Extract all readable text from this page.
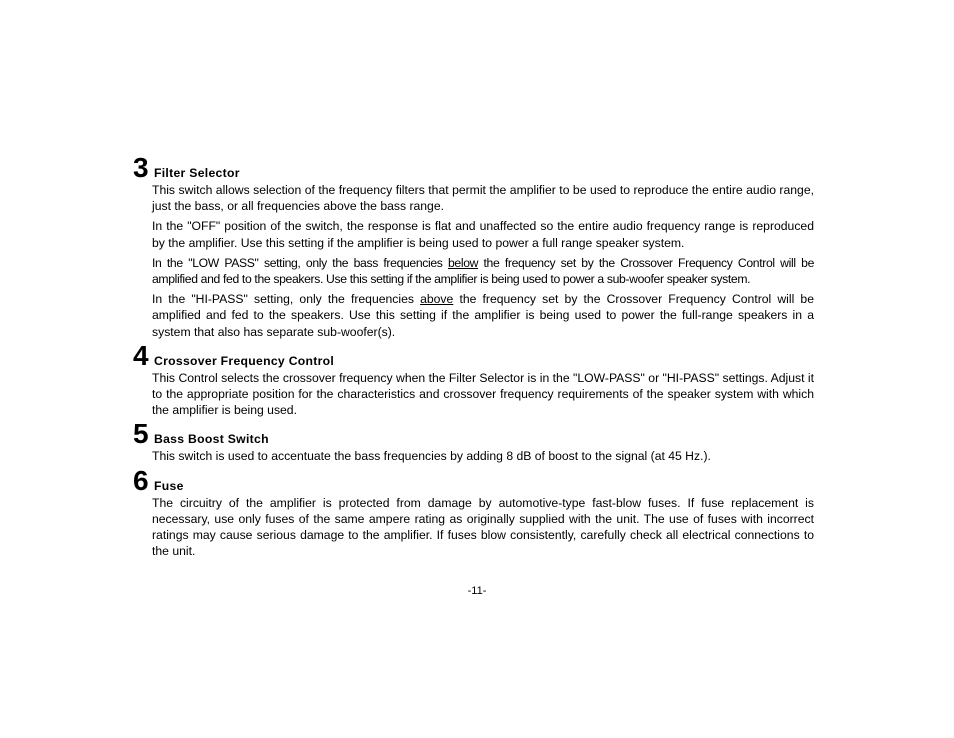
3 Filter Selector

This switch allows selection of the frequency filters that permit the amplifier to be used to reproduce the entire audio range, just the bass, or all frequencies above the bass range.

In the "OFF" position of the switch, the response is flat and unaffected so the entire audio frequency range is reproduced by the amplifier. Use this setting if the amplifier is being used to power a full range speaker system.

In the "LOW PASS" setting, only the bass frequencies below the frequency set by the Crossover Frequency Control will be amplified and fed to the speakers. Use this setting if the amplifier is being used to power a sub-woofer speaker system.

In the "HI-PASS" setting, only the frequencies above the frequency set by the Crossover Frequency Control will be amplified and fed to the speakers. Use this setting if the amplifier is being used to power the full-range speakers in a system that also has separate sub-woofer(s).

4 Crossover Frequency Control

This Control selects the crossover frequency when the Filter Selector is in the "LOW-PASS" or "HI-PASS" settings. Adjust it to the appropriate position for the characteristics and crossover frequency requirements of the speaker system with which the amplifier is being used.

5 Bass Boost Switch

This switch is used to accentuate the bass frequencies by adding 8 dB of boost to the signal (at 45 Hz.).

6 Fuse

The circuitry of the amplifier is protected from damage by automotive-type fast-blow fuses. If fuse replacement is necessary, use only fuses of the same ampere rating as originally supplied with the unit. The use of fuses with incorrect ratings may cause serious damage to the amplifier. If fuses blow consistently, carefully check all electrical connections to the unit.

-11-
